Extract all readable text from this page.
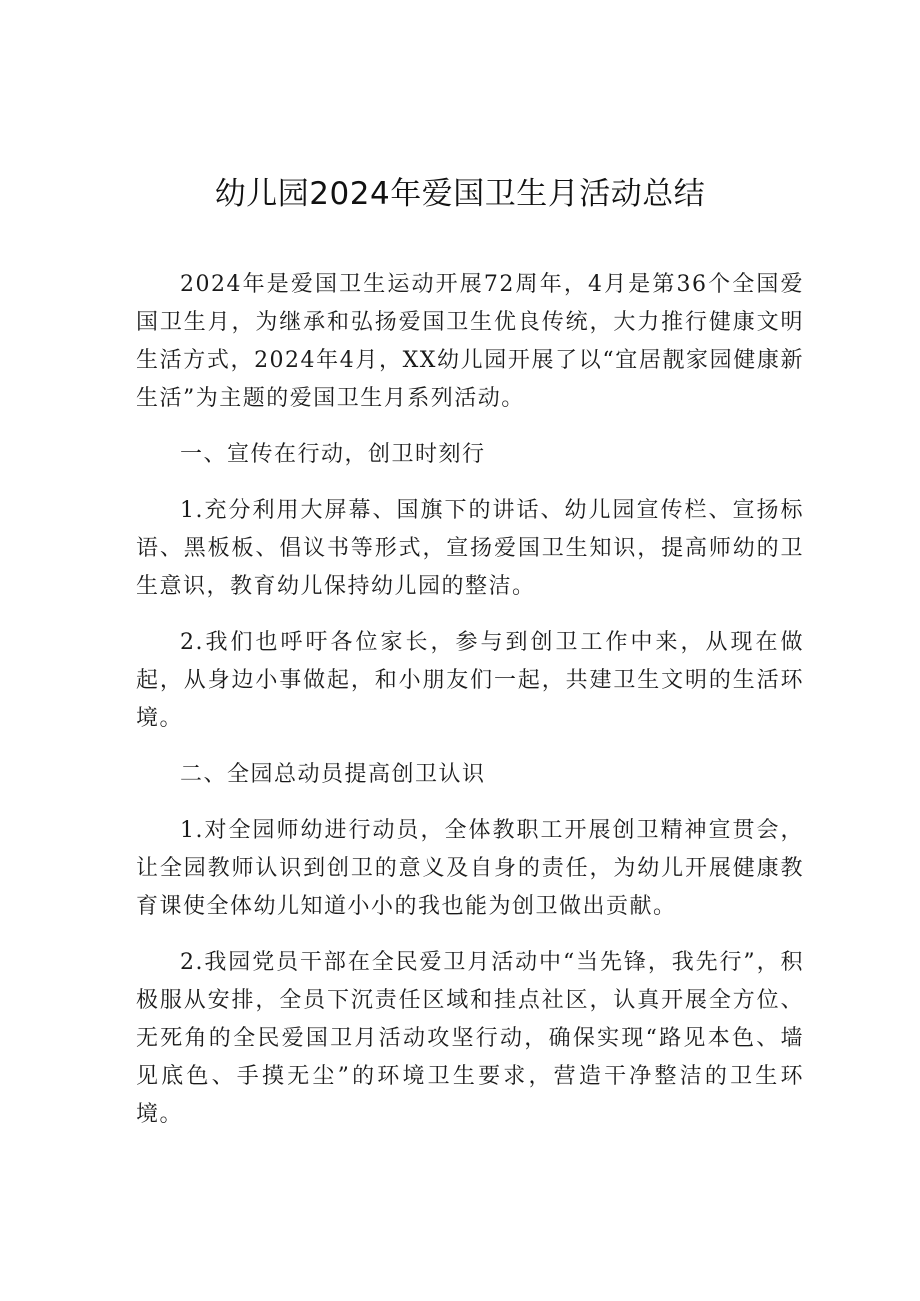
幼儿园2024年爱国卫生月活动总结

2024年是爱国卫生运动开展72周年，4月是第36个全国爱国卫生月，为继承和弘扬爱国卫生优良传统，大力推行健康文明生活方式，2024年4月，XX幼儿园开展了以“宜居靓家园健康新生活”为主题的爱国卫生月系列活动。

一、宣传在行动，创卫时刻行

1.充分利用大屏幕、国旗下的讲话、幼儿园宣传栏、宣扬标语、黑板板、倡议书等形式，宣扬爱国卫生知识，提高师幼的卫生意识，教育幼儿保持幼儿园的整洁。

2.我们也呼吁各位家长，参与到创卫工作中来，从现在做起，从身边小事做起，和小朋友们一起，共建卫生文明的生活环境。

二、全园总动员提高创卫认识

1.对全园师幼进行动员，全体教职工开展创卫精神宣贯会，让全园教师认识到创卫的意义及自身的责任，为幼儿开展健康教育课使全体幼儿知道小小的我也能为创卫做出贡献。

2.我园党员干部在全民爱卫月活动中“当先锋，我先行”，积极服从安排，全员下沉责任区域和挂点社区，认真开展全方位、无死角的全民爱国卫月活动攻坚行动，确保实现“路见本色、墙见底色、手摸无尘”的环境卫生要求，营造干净整洁的卫生环境。
